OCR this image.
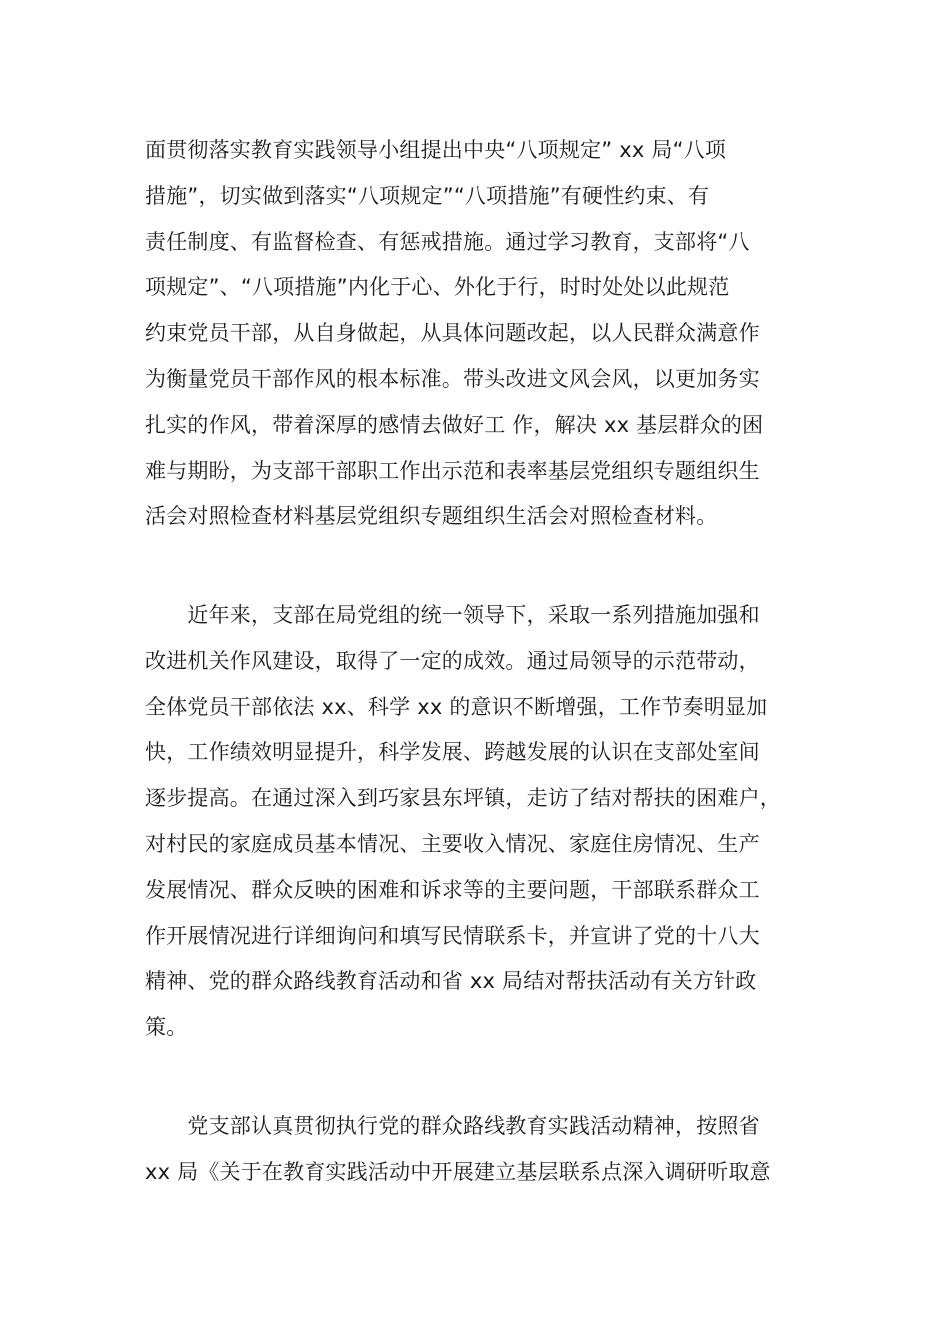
面贯彻落实教育实践领导小组提出中央“八项规定” xx 局“八项
措施”，切实做到落实“八项规定”“八项措施”有硬性约束、有
责任制度、有监督检查、有惩戒措施。通过学习教育，支部将“八
项规定”、“八项措施”内化于心、外化于行，时时处处以此规范
约束党员干部，从自身做起，从具体问题改起，以人民群众满意作
为衡量党员干部作风的根本标准。带头改进文风会风，以更加务实
扎实的作风，带着深厚的感情去做好工 作，解决 xx 基层群众的困
难与期盼，为支部干部职工作出示范和表率基层党组织专题组织生
活会对照检查材料基层党组织专题组织生活会对照检查材料。
　　近年来，支部在局党组的统一领导下，采取一系列措施加强和
改进机关作风建设，取得了一定的成效。通过局领导的示范带动，
全体党员干部依法 xx、科学 xx 的意识不断增强，工作节奏明显加
快，工作绩效明显提升，科学发展、跨越发展的认识在支部处室间
逐步提高。在通过深入到巧家县东坪镇，走访了结对帮扶的困难户，
对村民的家庭成员基本情况、主要收入情况、家庭住房情况、生产
发展情况、群众反映的困难和诉求等的主要问题，干部联系群众工
作开展情况进行详细询问和填写民情联系卡，并宣讲了党的十八大
精神、党的群众路线教育活动和省 xx 局结对帮扶活动有关方针政
策。
　　党支部认真贯彻执行党的群众路线教育实践活动精神，按照省
xx 局《关于在教育实践活动中开展建立基层联系点深入调研听取意
